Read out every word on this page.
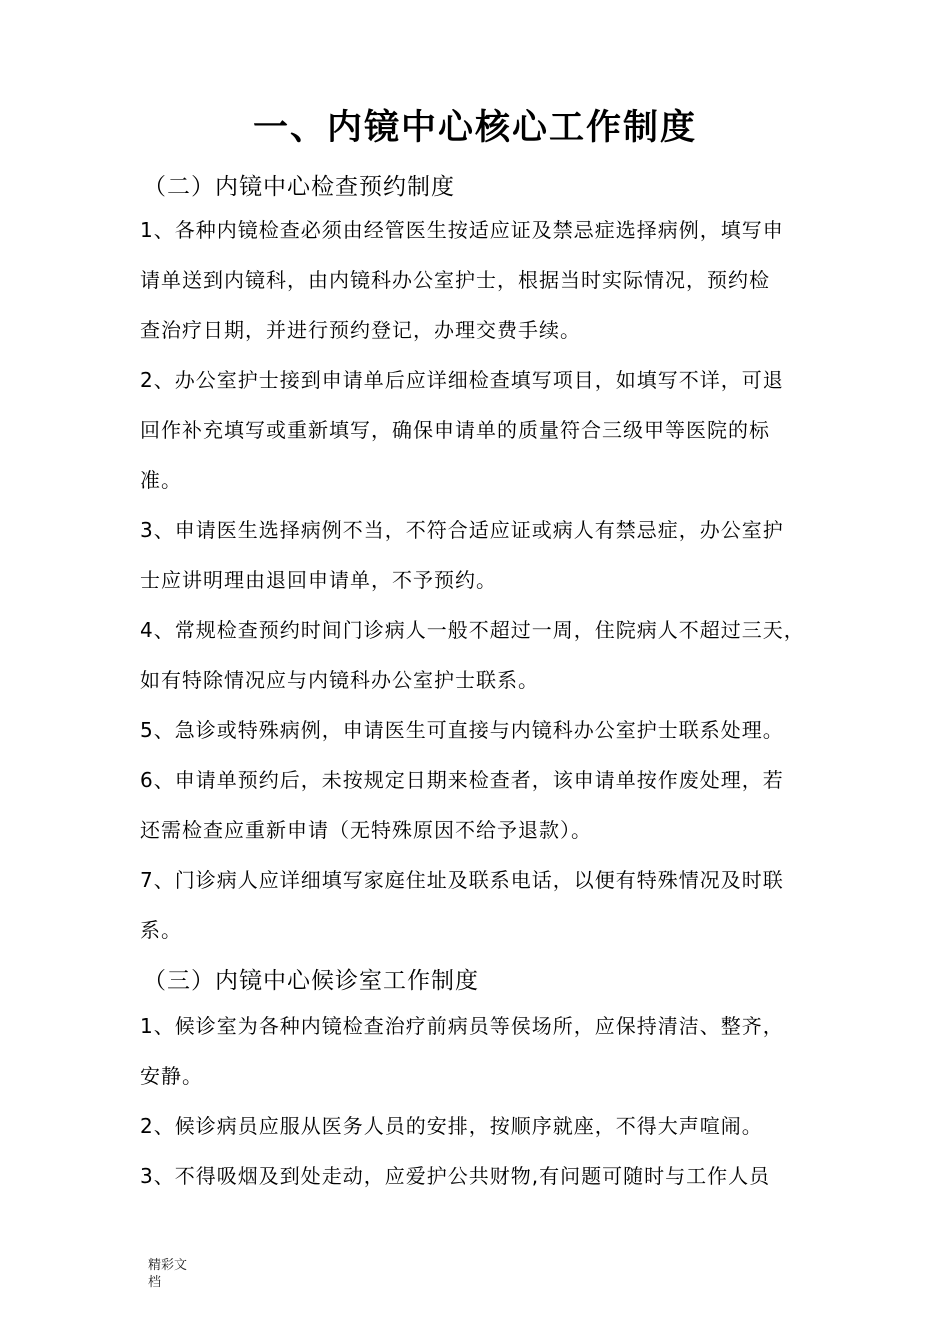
一、内镜中心核心工作制度
（二）内镜中心检查预约制度
1、各种内镜检查必须由经管医生按适应证及禁忌症选择病例，填写申
请单送到内镜科，由内镜科办公室护士，根据当时实际情况，预约检
查治疗日期，并进行预约登记，办理交费手续。
2、办公室护士接到申请单后应详细检查填写项目，如填写不详，可退
回作补充填写或重新填写，确保申请单的质量符合三级甲等医院的标
准。
3、申请医生选择病例不当，不符合适应证或病人有禁忌症，办公室护
士应讲明理由退回申请单，不予预约。
4、常规检查预约时间门诊病人一般不超过一周，住院病人不超过三天，
如有特除情况应与内镜科办公室护士联系。
5、急诊或特殊病例，申请医生可直接与内镜科办公室护士联系处理。
6、申请单预约后，未按规定日期来检查者，该申请单按作废处理，若
还需检查应重新申请（无特殊原因不给予退款）。
7、门诊病人应详细填写家庭住址及联系电话，以便有特殊情况及时联
系。
（三）内镜中心候诊室工作制度
1、候诊室为各种内镜检查治疗前病员等侯场所，应保持清洁、整齐，
安静。
2、候诊病员应服从医务人员的安排，按顺序就座，不得大声喧闹。
3、不得吸烟及到处走动，应爱护公共财物,有问题可随时与工作人员
精彩文档
